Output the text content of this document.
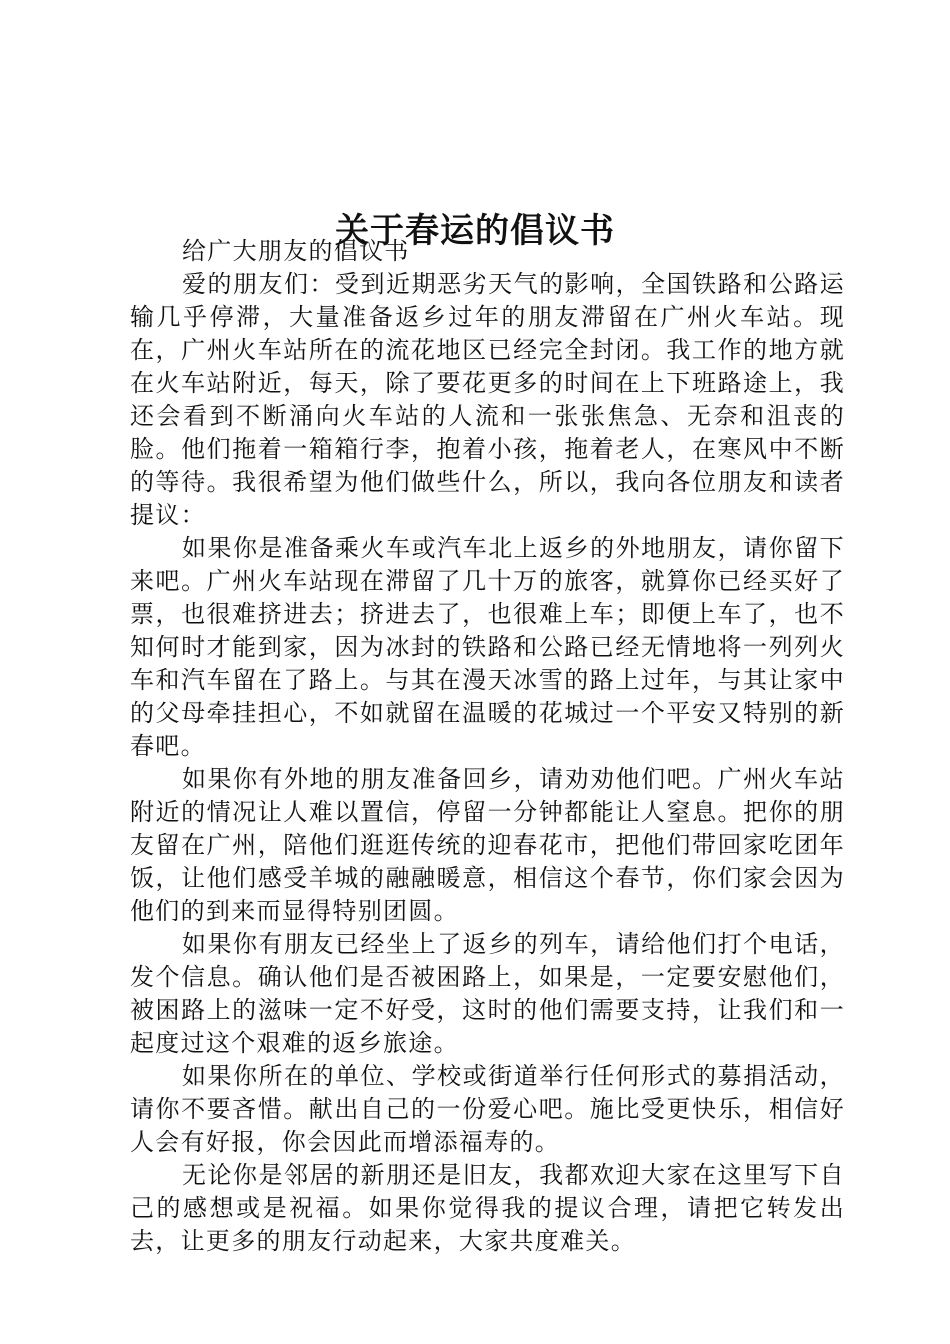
关于春运的倡议书

给广大朋友的倡议书

爱的朋友们：受到近期恶劣天气的影响，全国铁路和公路运输几乎停滞，大量准备返乡过年的朋友滞留在广州火车站。现在，广州火车站所在的流花地区已经完全封闭。我工作的地方就在火车站附近，每天，除了要花更多的时间在上下班路途上，我还会看到不断涌向火车站的人流和一张张焦急、无奈和沮丧的脸。他们拖着一箱箱行李，抱着小孩，拖着老人，在寒风中不断的等待。我很希望为他们做些什么，所以，我向各位朋友和读者提议：

如果你是准备乘火车或汽车北上返乡的外地朋友，请你留下来吧。广州火车站现在滞留了几十万的旅客，就算你已经买好了票，也很难挤进去；挤进去了，也很难上车；即便上车了，也不知何时才能到家，因为冰封的铁路和公路已经无情地将一列列火车和汽车留在了路上。与其在漫天冰雪的路上过年，与其让家中的父母牵挂担心，不如就留在温暖的花城过一个平安又特别的新春吧。

如果你有外地的朋友准备回乡，请劝劝他们吧。广州火车站附近的情况让人难以置信，停留一分钟都能让人窒息。把你的朋友留在广州，陪他们逛逛传统的迎春花市，把他们带回家吃团年饭，让他们感受羊城的融融暖意，相信这个春节，你们家会因为他们的到来而显得特别团圆。

如果你有朋友已经坐上了返乡的列车，请给他们打个电话，发个信息。确认他们是否被困路上，如果是，一定要安慰他们，被困路上的滋味一定不好受，这时的他们需要支持，让我们和一起度过这个艰难的返乡旅途。

如果你所在的单位、学校或街道举行任何形式的募捐活动，请你不要吝惜。献出自己的一份爱心吧。施比受更快乐，相信好人会有好报，你会因此而增添福寿的。

无论你是邻居的新朋还是旧友，我都欢迎大家在这里写下自己的感想或是祝福。如果你觉得我的提议合理，请把它转发出去，让更多的朋友行动起来，大家共度难关。
